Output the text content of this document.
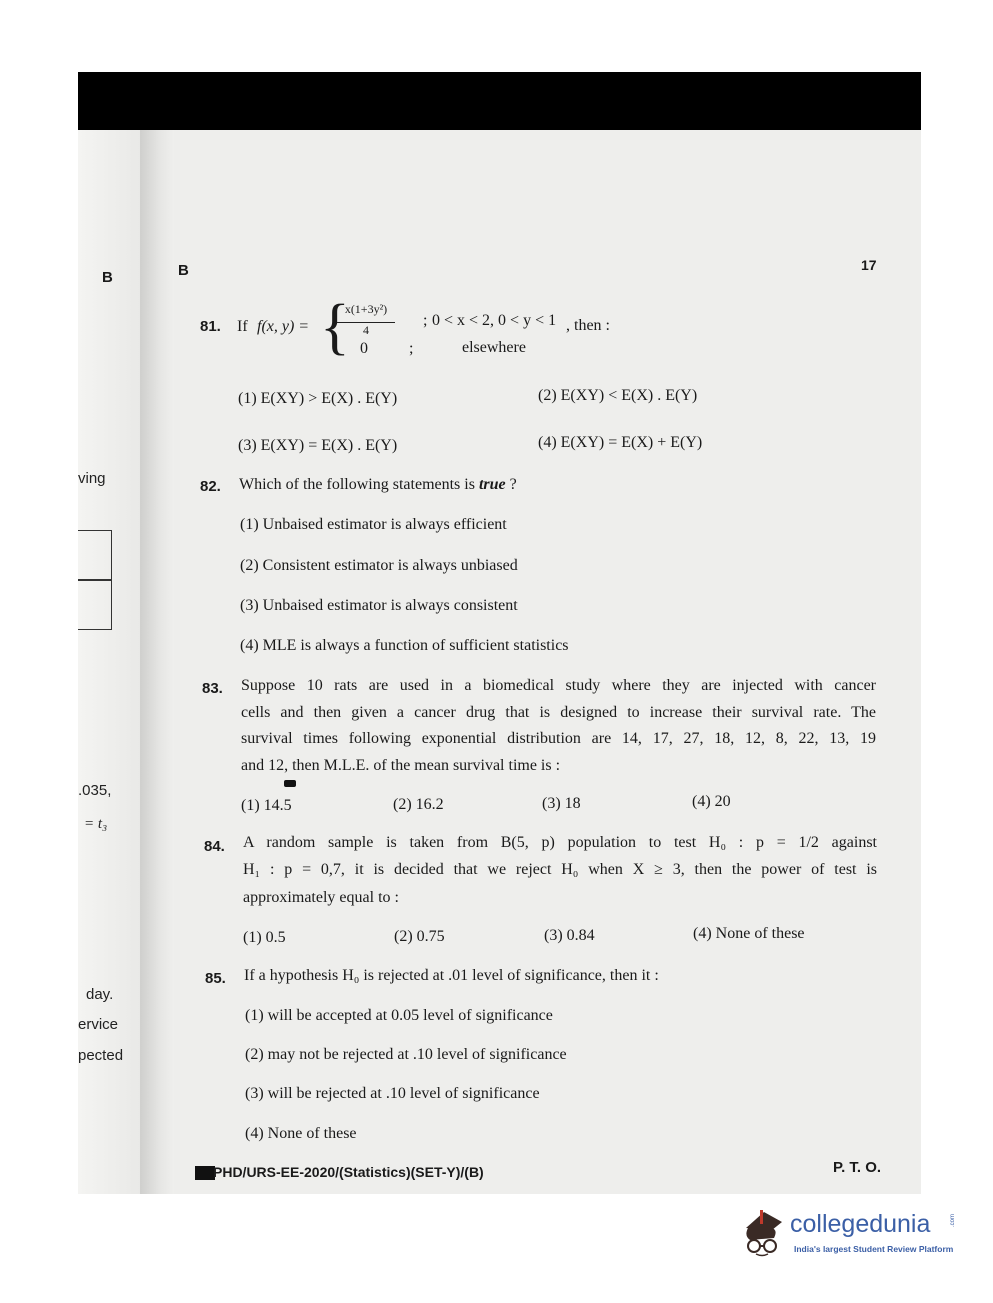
B
ving
.035,
= t₃
day.
ervice
pected
B	17
81. If f(x, y) = {
x(1+3y²)
4
; 0 < x < 2, 0 < y < 1 , then :
0	;	elsewhere
(1) E(XY) > E(X) . E(Y)	(2) E(XY) < E(X) . E(Y)
(3) E(XY) = E(X) . E(Y)	(4) E(XY) = E(X) + E(Y)
82. Which of the following statements is true ?
(1) Unbaised estimator is always efficient
(2) Consistent estimator is always unbiased
(3) Unbaised estimator is always consistent
(4) MLE is always a function of sufficient statistics
83. Suppose 10 rats are used in a biomedical study where they are injected with cancer
cells and then given a cancer drug that is designed to increase their survival rate. The
survival times following exponential distribution are 14, 17, 27, 18, 12, 8, 22, 13, 19
and 12, then M.L.E. of the mean survival time is :
(1) 14.5	(2) 16.2	(3) 18	(4) 20
84. A random sample is taken from B(5, p) population to test H₀ : p = 1/2 against
H₁ : p = 0,7, it is decided that we reject H₀ when X ≥ 3, then the power of test is
approximately equal to :
(1) 0.5	(2) 0.75	(3) 0.84	(4) None of these
85. If a hypothesis H₀ is rejected at .01 level of significance, then it :
(1) will be accepted at 0.05 level of significance
(2) may not be rejected at .10 level of significance
(3) will be rejected at .10 level of significance
(4) None of these
PHD/URS-EE-2020/(Statistics)(SET-Y)/(B)	P. T. O.
collegedunia	.com
India's largest Student Review Platform
